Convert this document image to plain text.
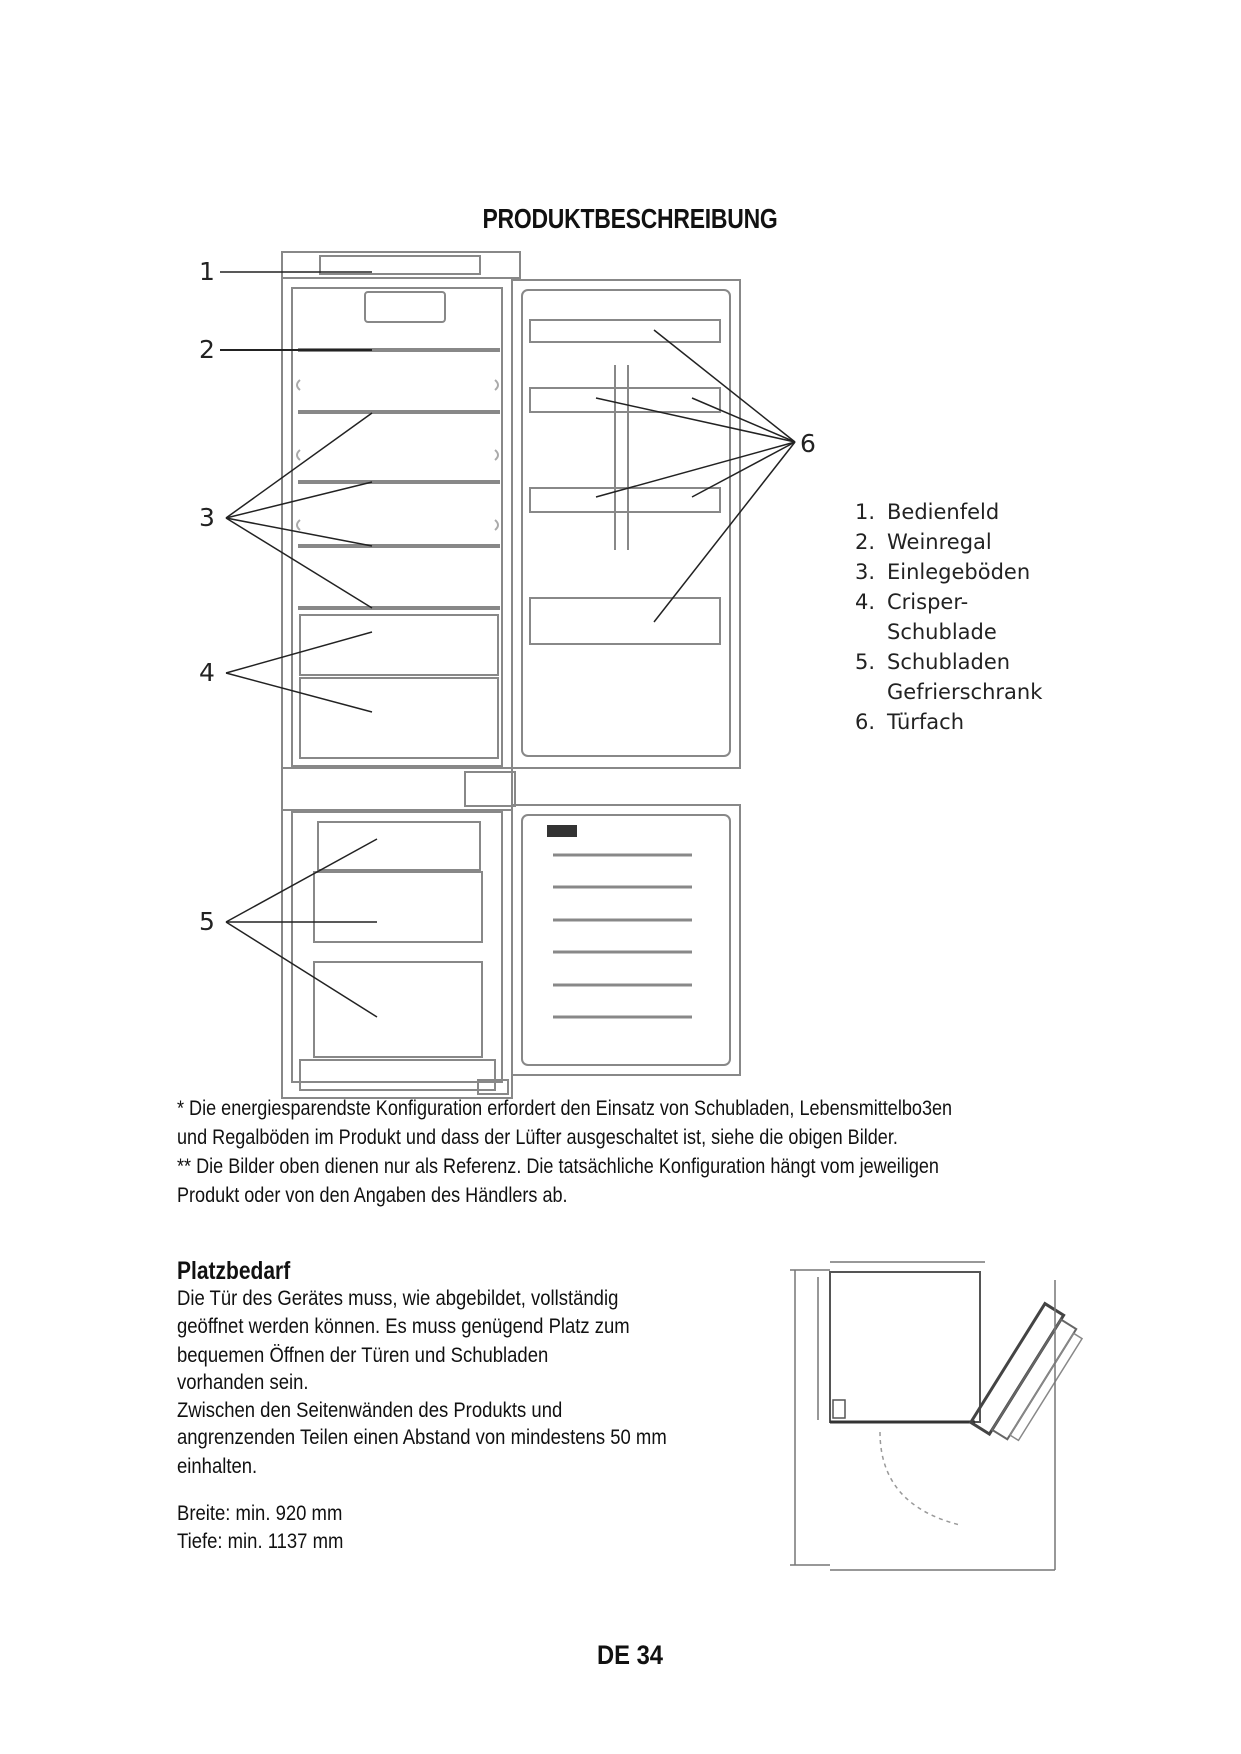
PRODUKTBESCHREIBUNG
1
2
3
4
5
6
1. Bedienfeld
2. Weinregal
3. Einlegeböden
4. Crisper-Schublade
5. Schubladen Gefrierschrank
6. Türfach
* Die energiesparendste Konfiguration erfordert den Einsatz von Schubladen, Lebensmittelbo3en
und Regalböden im Produkt und dass der Lüfter ausgeschaltet ist, siehe die obigen Bilder.
** Die Bilder oben dienen nur als Referenz. Die tatsächliche Konfiguration hängt vom jeweiligen
Produkt oder von den Angaben des Händlers ab.
Platzbedarf
Die Tür des Gerätes muss, wie abgebildet, vollständig
geöffnet werden können. Es muss genügend Platz zum
bequemen Öffnen der Türen und Schubladen
vorhanden sein.
Zwischen den Seitenwänden des Produkts und
angrenzenden Teilen einen Abstand von mindestens 50 mm
einhalten.
Breite: min. 920 mm
Tiefe: min. 1137 mm
DE 34
